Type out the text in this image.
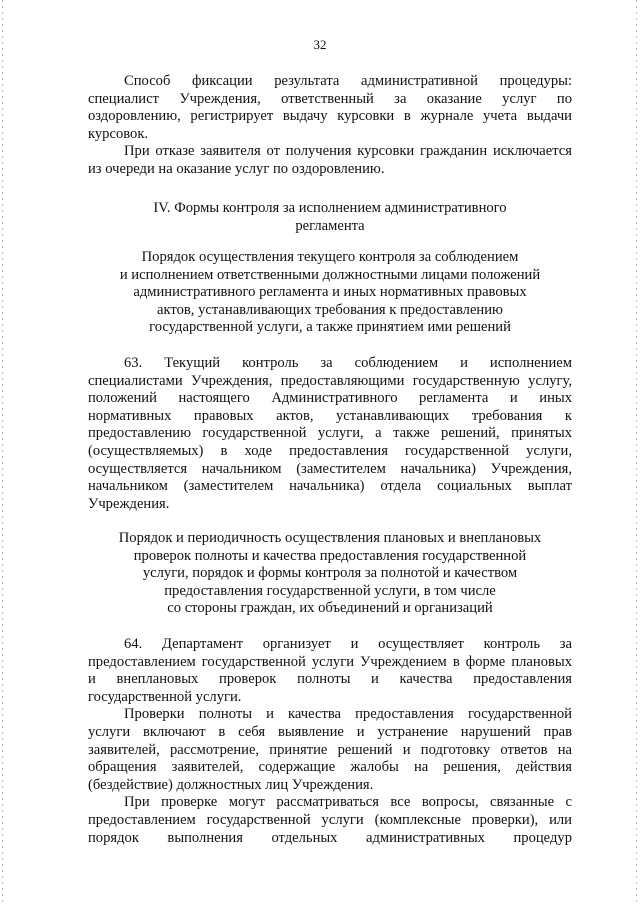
32
Способ фиксации результата административной процедуры:
специалист Учреждения, ответственный за оказание услуг по
оздоровлению, регистрирует выдачу курсовки в журнале учета выдачи
курсовок.
При отказе заявителя от получения курсовки гражданин исключается
из очереди на оказание услуг по оздоровлению.
IV. Формы контроля за исполнением административного
регламента
Порядок осуществления текущего контроля за соблюдением
и исполнением ответственными должностными лицами положений
административного регламента и иных нормативных правовых
актов, устанавливающих требования к предоставлению
государственной услуги, а также принятием ими решений
63. Текущий контроль за соблюдением и исполнением
специалистами Учреждения, предоставляющими государственную услугу,
положений настоящего Административного регламента и иных
нормативных правовых актов, устанавливающих требования к
предоставлению государственной услуги, а также решений, принятых
(осуществляемых) в ходе предоставления государственной услуги,
осуществляется начальником (заместителем начальника) Учреждения,
начальником (заместителем начальника) отдела социальных выплат
Учреждения.
Порядок и периодичность осуществления плановых и внеплановых
проверок полноты и качества предоставления государственной
услуги, порядок и формы контроля за полнотой и качеством
предоставления государственной услуги, в том числе
со стороны граждан, их объединений и организаций
64. Департамент организует и осуществляет контроль за
предоставлением государственной услуги Учреждением в форме плановых
и внеплановых проверок полноты и качества предоставления
государственной услуги.
Проверки полноты и качества предоставления государственной
услуги включают в себя выявление и устранение нарушений прав
заявителей, рассмотрение, принятие решений и подготовку ответов на
обращения заявителей, содержащие жалобы на решения, действия
(бездействие) должностных лиц Учреждения.
При проверке могут рассматриваться все вопросы, связанные с
предоставлением государственной услуги (комплексные проверки), или
порядок выполнения отдельных административных процедур
